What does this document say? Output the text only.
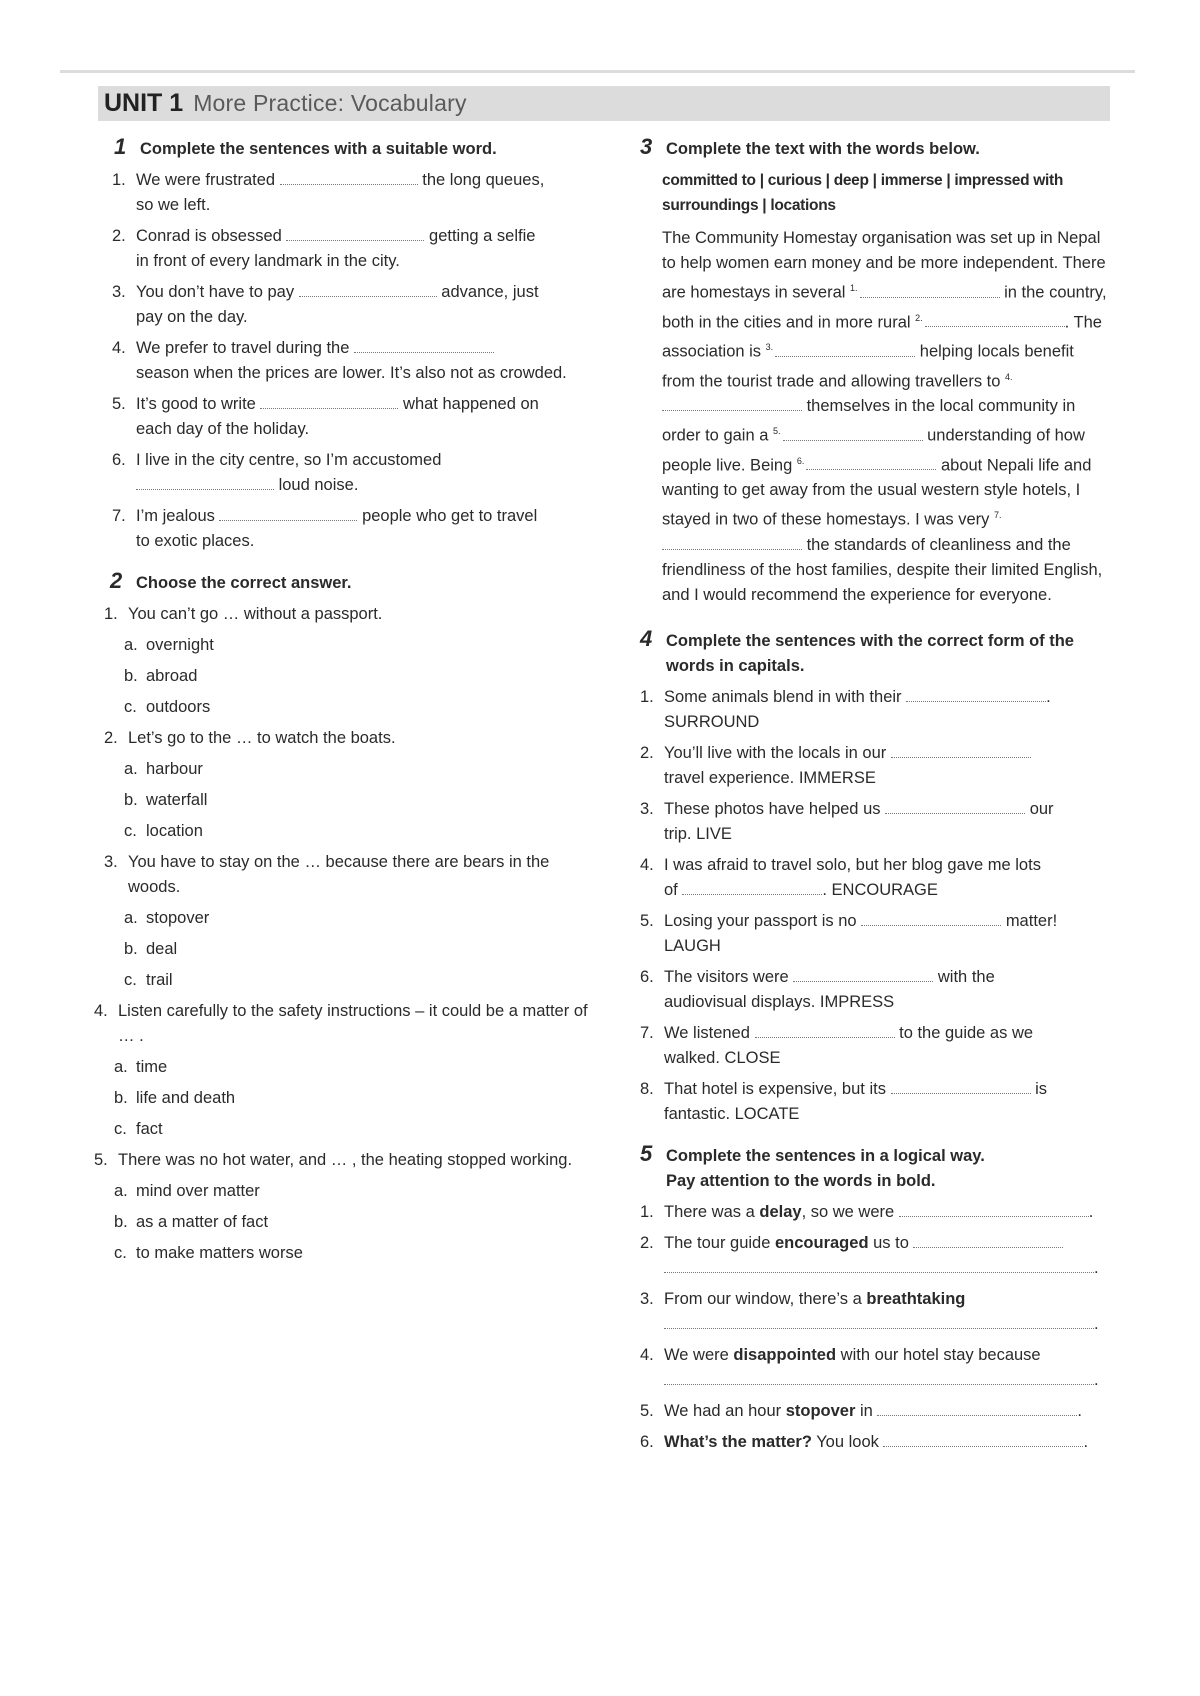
UNIT 1 More Practice: Vocabulary
1 Complete the sentences with a suitable word.
1. We were frustrated	the long queues,
so we left.
2. Conrad is obsessed	getting a selfie
in front of every landmark in the city.
3. You don’t have to pay	advance, just
pay on the day.
4. We prefer to travel during the
season when the prices are lower. It’s also not as crowded.
5. It’s good to write	what happened on
each day of the holiday.
6. I live in the city centre, so I’m accustomed
loud noise.
7. I’m jealous	people who get to travel
to exotic places.
2 Choose the correct answer.
1. You can’t go … without a passport.
a. overnight
b. abroad
c. outdoors
2. Let’s go to the … to watch the boats.
a. harbour
b. waterfall
c. location
3. You have to stay on the … because there are bears in the woods.
a. stopover
b. deal
c. trail
4. Listen carefully to the safety instructions – it could be a matter of … .
a. time
b. life and death
c. fact
5. There was no hot water, and … , the heating stopped working.
a. mind over matter
b. as a matter of fact
c. to make matters worse
3 Complete the text with the words below.
committed to | curious | deep | immerse | impressed with
surroundings | locations
The Community Homestay organisation was set up in Nepal to help women earn money and be more independent. There are homestays in several $^{1.}$	in the country, both in the cities and in more rural $^{2.}$	. The association is $^{3.}$	helping locals benefit from the tourist trade and allowing travellers to $^{4.}$ themselves in the local community in order to gain a $^{5.}$	understanding of how people live. Being $^{6.}$	about Nepali life and wanting to get away from the usual western style hotels, I stayed in two of these homestays. I was very $^{7.}$ the standards of cleanliness and the friendliness of the host families, despite their limited English, and I would recommend the experience for everyone.
4 Complete the sentences with the correct form of the words in capitals.
1. Some animals blend in with their	.
SURROUND
2. You’ll live with the locals in our
travel experience. IMMERSE
3. These photos have helped us	our
trip. LIVE
4. I was afraid to travel solo, but her blog gave me lots
of	. ENCOURAGE
5. Losing your passport is no	matter!
LAUGH
6. The visitors were	with the
audiovisual displays. IMPRESS
7. We listened	to the guide as we
walked. CLOSE
8. That hotel is expensive, but its	is
fantastic. LOCATE
5 Complete the sentences in a logical way.
Pay attention to the words in bold.
1. There was a delay, so we were	.
2. The tour guide encouraged us to
.
3. From our window, there’s a breathtaking
.
4. We were disappointed with our hotel stay because
.
5. We had an hour stopover in	.
6. What’s the matter? You look	.
